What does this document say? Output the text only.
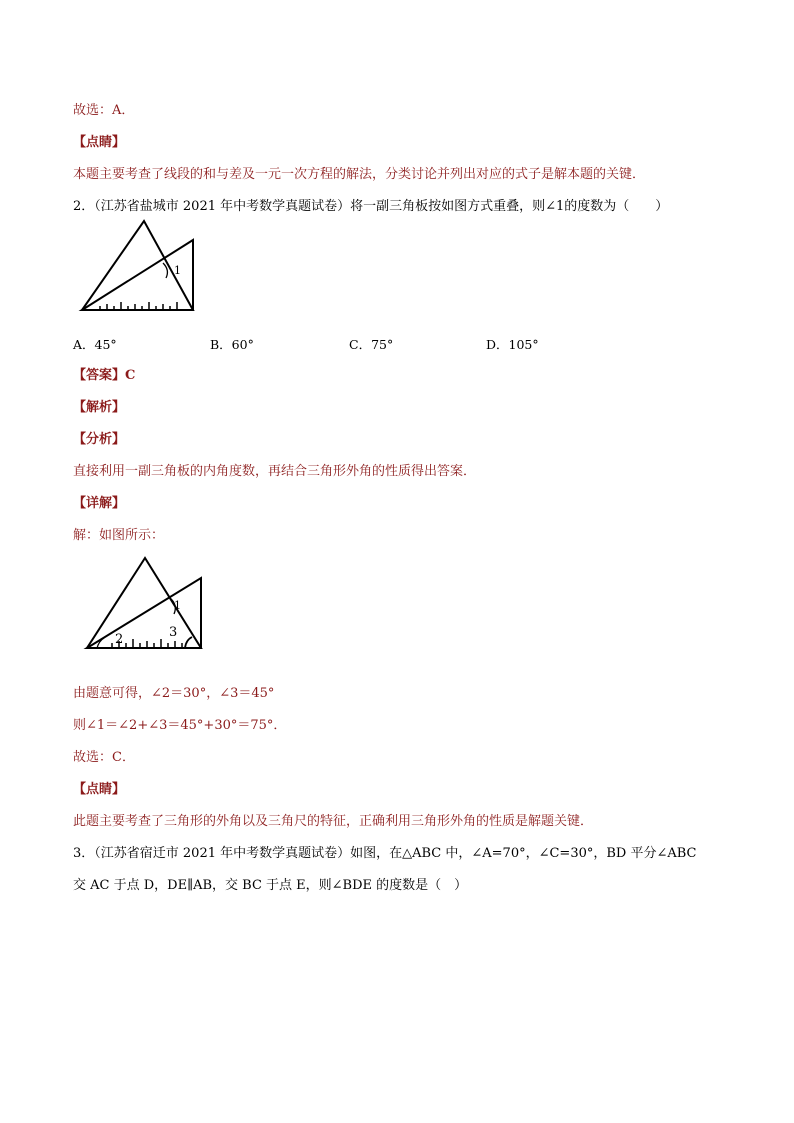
故选：A．
【点睛】
本题主要考查了线段的和与差及一元一次方程的解法，分类讨论并列出对应的式子是解本题的关键．
2．（江苏省盐城市 2021 年中考数学真题试卷）将一副三角板按如图方式重叠，则∠1的度数为（　　）
1
A．45°	B．60°	C．75°	D．105°
【答案】C
【解析】
【分析】
直接利用一副三角板的内角度数，再结合三角形外角的性质得出答案．
【详解】
解：如图所示：
1
2	3
由题意可得，∠2＝30°，∠3＝45°
则∠1＝∠2+∠3＝45°+30°＝75°．
故选：C．
【点睛】
此题主要考查了三角形的外角以及三角尺的特征，正确利用三角形外角的性质是解题关键．
3．（江苏省宿迁市 2021 年中考数学真题试卷）如图，在△ABC 中，∠A=70°，∠C=30°，BD 平分∠ABC
交 AC 于点 D，DE∥AB，交 BC 于点 E，则∠BDE 的度数是（　）
